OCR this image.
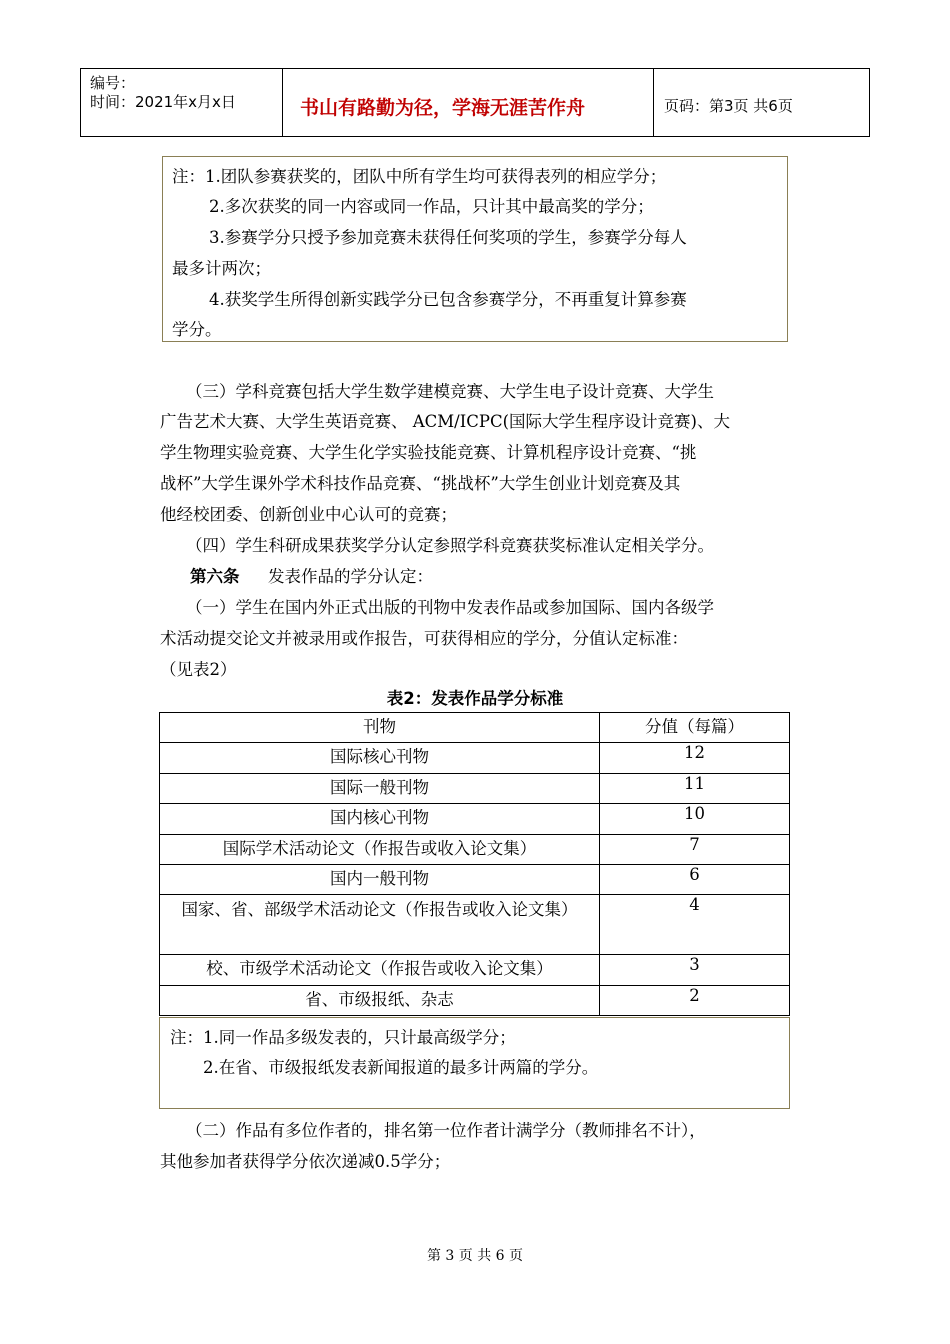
编号：
时间：2021年x月x日	书山有路勤为径，学海无涯苦作舟	页码：第3页 共6页
注：1.团队参赛获奖的，团队中所有学生均可获得表列的相应学分；
2.多次获奖的同一内容或同一作品，只计其中最高奖的学分；
3.参赛学分只授予参加竞赛未获得任何奖项的学生，参赛学分每人
最多计两次；
4.获奖学生所得创新实践学分已包含参赛学分，不再重复计算参赛
学分。
（三）学科竞赛包括大学生数学建模竞赛、大学生电子设计竞赛、大学生
广告艺术大赛、大学生英语竞赛、 ACM/ICPC(国际大学生程序设计竞赛)、大
学生物理实验竞赛、大学生化学实验技能竞赛、计算机程序设计竞赛、“挑
战杯”大学生课外学术科技作品竞赛、“挑战杯”大学生创业计划竞赛及其
他经校团委、创新创业中心认可的竞赛；
（四）学生科研成果获奖学分认定参照学科竞赛获奖标准认定相关学分。
第六条 发表作品的学分认定：
（一）学生在国内外正式出版的刊物中发表作品或参加国际、国内各级学
术活动提交论文并被录用或作报告，可获得相应的学分，分值认定标准：
（见表2）
表2：发表作品学分标准
刊物	分值（每篇）
国际核心刊物	12
国际一般刊物	11
国内核心刊物	10
国际学术活动论文（作报告或收入论文集）	7
国内一般刊物	6
国家、省、部级学术活动论文（作报告或收入论文集）	4
校、市级学术活动论文（作报告或收入论文集）	3
省、市级报纸、杂志	2
注：1.同一作品多级发表的，只计最高级学分；
2.在省、市级报纸发表新闻报道的最多计两篇的学分。
（二）作品有多位作者的，排名第一位作者计满学分（教师排名不计），
其他参加者获得学分依次递减0.5学分；
第 3 页 共 6 页
